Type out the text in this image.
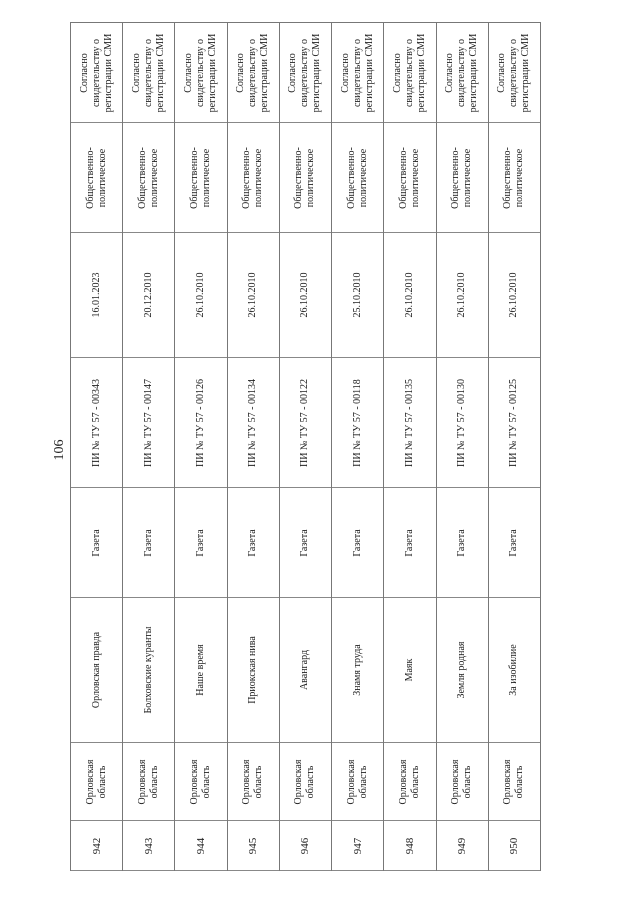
106
Согласно свидетельству о регистрации СМИ
Общественно-политическое
16.01.2023
ПИ № ТУ 57 - 00343
Газета
Орловская правда
Орловская область
942
Согласно свидетельству о регистрации СМИ
Общественно-политическое
20.12.2010
ПИ № ТУ 57 - 00147
Газета
Болховские куранты
Орловская область
943
Согласно свидетельству о регистрации СМИ
Общественно-политическое
26.10.2010
ПИ № ТУ 57 - 00126
Газета
Наше время
Орловская область
944
Согласно свидетельству о регистрации СМИ
Общественно-политическое
26.10.2010
ПИ № ТУ 57 - 00134
Газета
Приокская нива
Орловская область
945
Согласно свидетельству о регистрации СМИ
Общественно-политическое
26.10.2010
ПИ № ТУ 57 - 00122
Газета
Авангард
Орловская область
946
Согласно свидетельству о регистрации СМИ
Общественно-политическое
25.10.2010
ПИ № ТУ 57 - 00118
Газета
Знамя труда
Орловская область
947
Согласно свидетельству о регистрации СМИ
Общественно-политическое
26.10.2010
ПИ № ТУ 57 - 00135
Газета
Маяк
Орловская область
948
Согласно свидетельству о регистрации СМИ
Общественно-политическое
26.10.2010
ПИ № ТУ 57 - 00130
Газета
Земля родная
Орловская область
949
Согласно свидетельству о регистрации СМИ
Общественно-политическое
26.10.2010
ПИ № ТУ 57 - 00125
Газета
За изобилие
Орловская область
950
